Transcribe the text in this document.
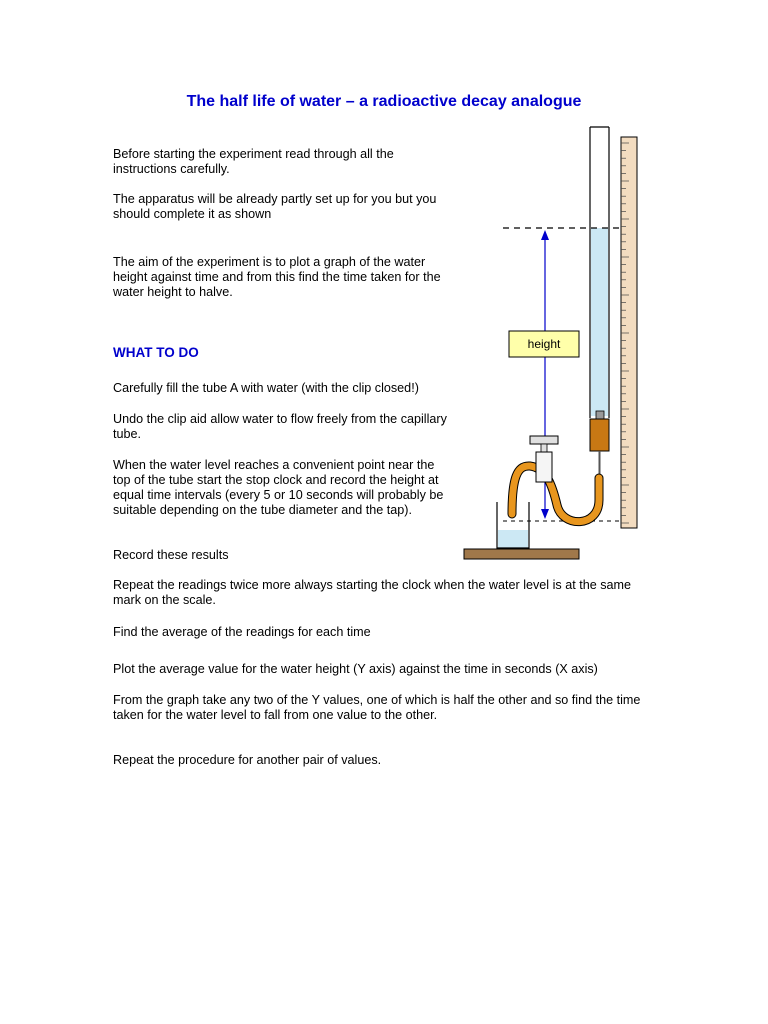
The half life of water – a radioactive decay analogue

Before starting the experiment read through all the instructions carefully.

The apparatus will be already partly set up for you but you should complete it as shown

The aim of the experiment is to plot a graph of the water height against time and from this find the time taken for the water height to halve.

WHAT TO DO

Carefully fill the tube A with water (with the clip closed!)

Undo the clip aid allow water to flow freely from the capillary tube.

When the water level reaches a convenient point near the top of the tube start the stop clock and record the height at equal time intervals (every 5 or 10 seconds will probably be suitable depending on the tube diameter and the tap).

Record these results

Repeat the readings twice more always starting the clock when the water level is at the same mark on the scale.

Find the average of the readings for each time

Plot the average value for the water height (Y axis) against the time in seconds (X axis)

From the graph take any two of the Y values, one of which is half the other and so find the time taken for the water level to fall from one value to the other.

Repeat the procedure for another pair of values.

height
